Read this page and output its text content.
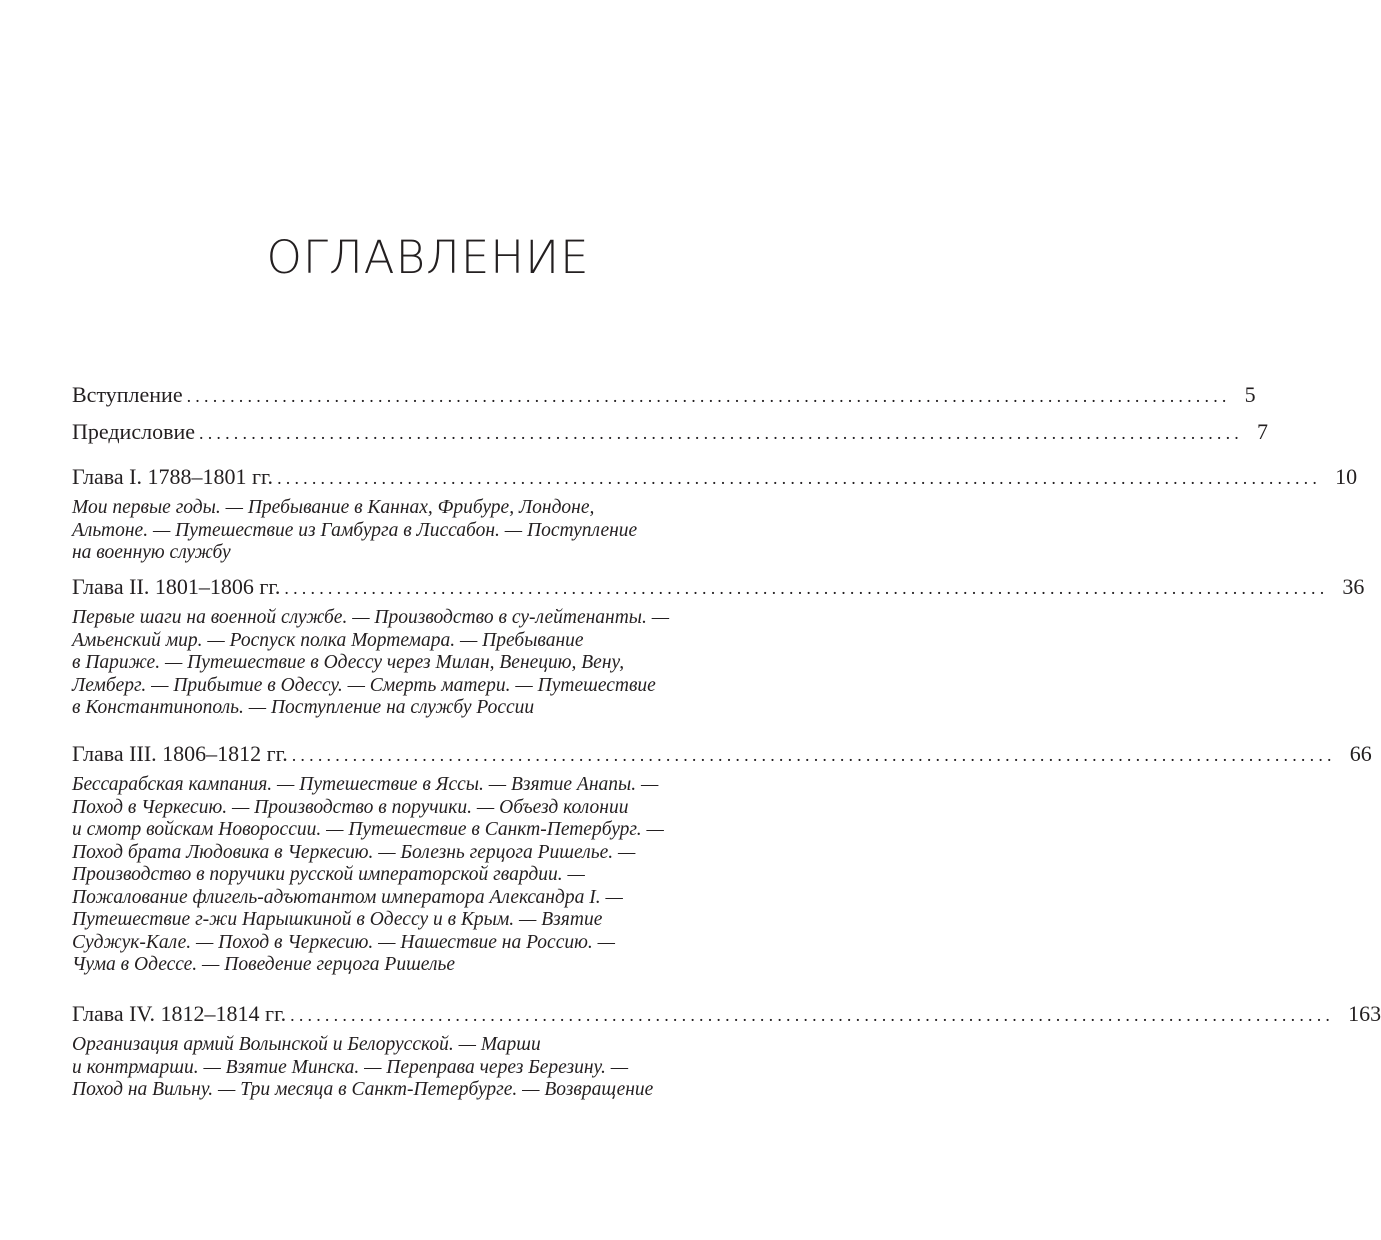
ОГЛАВЛЕНИЕ
Вступление ........................................................................................................................ 5
Предисловие ........................................................................................................................ 7
Глава I. 1788–1801 гг. ........................................................................................................................ 10
Мои первые годы. — Пребывание в Каннах, Фрибуре, Лондоне,
Альтоне. — Путешествие из Гамбурга в Лиссабон. — Поступление
на военную службу
Глава II. 1801–1806 гг. ........................................................................................................................ 36
Первые шаги на военной службе. — Производство в су-лейтенанты. —
Амьенский мир. — Роспуск полка Мортемара. — Пребывание
в Париже. — Путешествие в Одессу через Милан, Венецию, Вену,
Лемберг. — Прибытие в Одессу. — Смерть матери. — Путешествие
в Константинополь. — Поступление на службу России
Глава III. 1806–1812 гг. ........................................................................................................................ 66
Бессарабская кампания. — Путешествие в Яссы. — Взятие Анапы. —
Поход в Черкесию. — Производство в поручики. — Объезд колонии
и смотр войскам Новороссии. — Путешествие в Санкт-Петербург. —
Поход брата Людовика в Черкесию. — Болезнь герцога Ришелье. —
Производство в поручики русской императорской гвардии. —
Пожалование флигель-адъютантом императора Александра I. —
Путешествие г-жи Нарышкиной в Одессу и в Крым. — Взятие
Суджук-Кале. — Поход в Черкесию. — Нашествие на Россию. —
Чума в Одессе. — Поведение герцога Ришелье
Глава IV. 1812–1814 гг. ........................................................................................................................ 163
Организация армий Волынской и Белорусской. — Марши
и контрмарши. — Взятие Минска. — Переправа через Березину. —
Поход на Вильну. — Три месяца в Санкт-Петербурге. — Возвращение
